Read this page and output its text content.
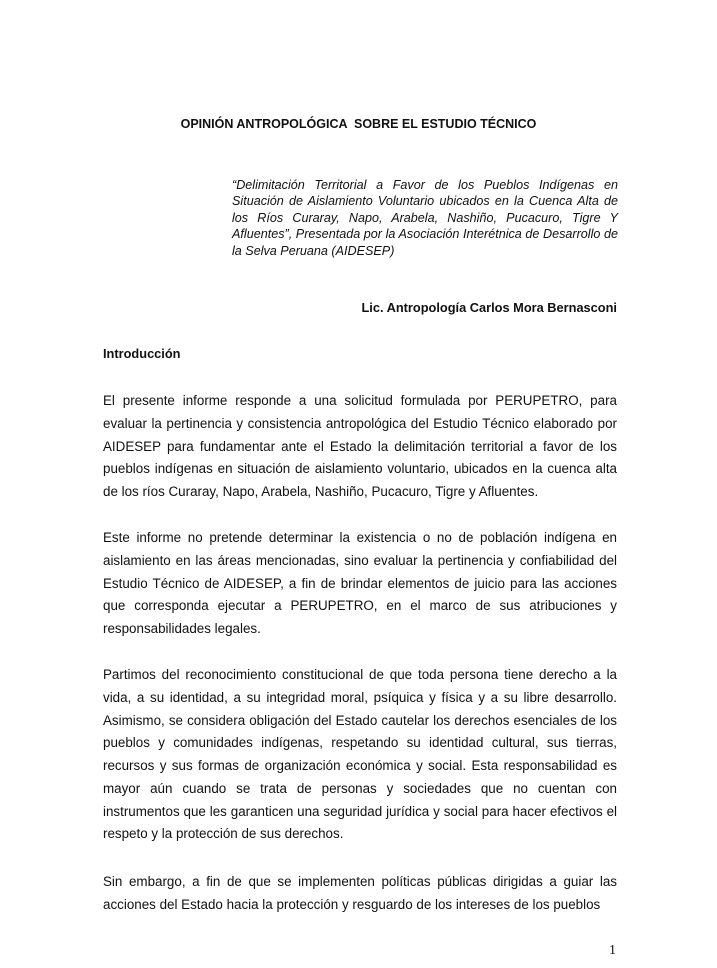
OPINIÓN ANTROPOLÓGICA  SOBRE EL ESTUDIO TÉCNICO
“Delimitación Territorial a Favor de los Pueblos Indígenas en Situación de Aislamiento Voluntario ubicados en la Cuenca Alta de los Ríos Curaray, Napo, Arabela, Nashiño, Pucacuro, Tigre Y Afluentes”, Presentada por la Asociación Interétnica de Desarrollo de la Selva Peruana (AIDESEP)
Lic. Antropología Carlos Mora Bernasconi
Introducción

El presente informe responde a una solicitud formulada por PERUPETRO, para evaluar la pertinencia y consistencia antropológica del Estudio Técnico elaborado por AIDESEP para fundamentar ante el Estado la delimitación territorial a favor de los pueblos indígenas en situación de aislamiento voluntario, ubicados en la cuenca alta de los ríos Curaray, Napo, Arabela, Nashiño, Pucacuro, Tigre y Afluentes.

Este informe no pretende determinar la existencia o no de población indígena en aislamiento en las áreas mencionadas, sino evaluar la pertinencia y confiabilidad del Estudio Técnico de AIDESEP, a fin de brindar elementos de juicio para las acciones que corresponda ejecutar a PERUPETRO, en el marco de sus atribuciones y responsabilidades legales.

Partimos del reconocimiento constitucional de que toda persona tiene derecho a la vida, a su identidad, a su integridad moral, psíquica y física y a su libre desarrollo. Asimismo, se considera obligación del Estado cautelar los derechos esenciales de los pueblos y comunidades indígenas, respetando su identidad cultural, sus tierras, recursos y sus formas de organización económica y social. Esta responsabilidad es mayor aún cuando se trata de personas y sociedades que no cuentan con instrumentos que les garanticen una seguridad jurídica y social para hacer efectivos el respeto y la protección de sus derechos.

Sin embargo, a fin de que se implementen políticas públicas dirigidas a guiar las acciones del Estado hacia la protección y resguardo de los intereses de los pueblos

1
